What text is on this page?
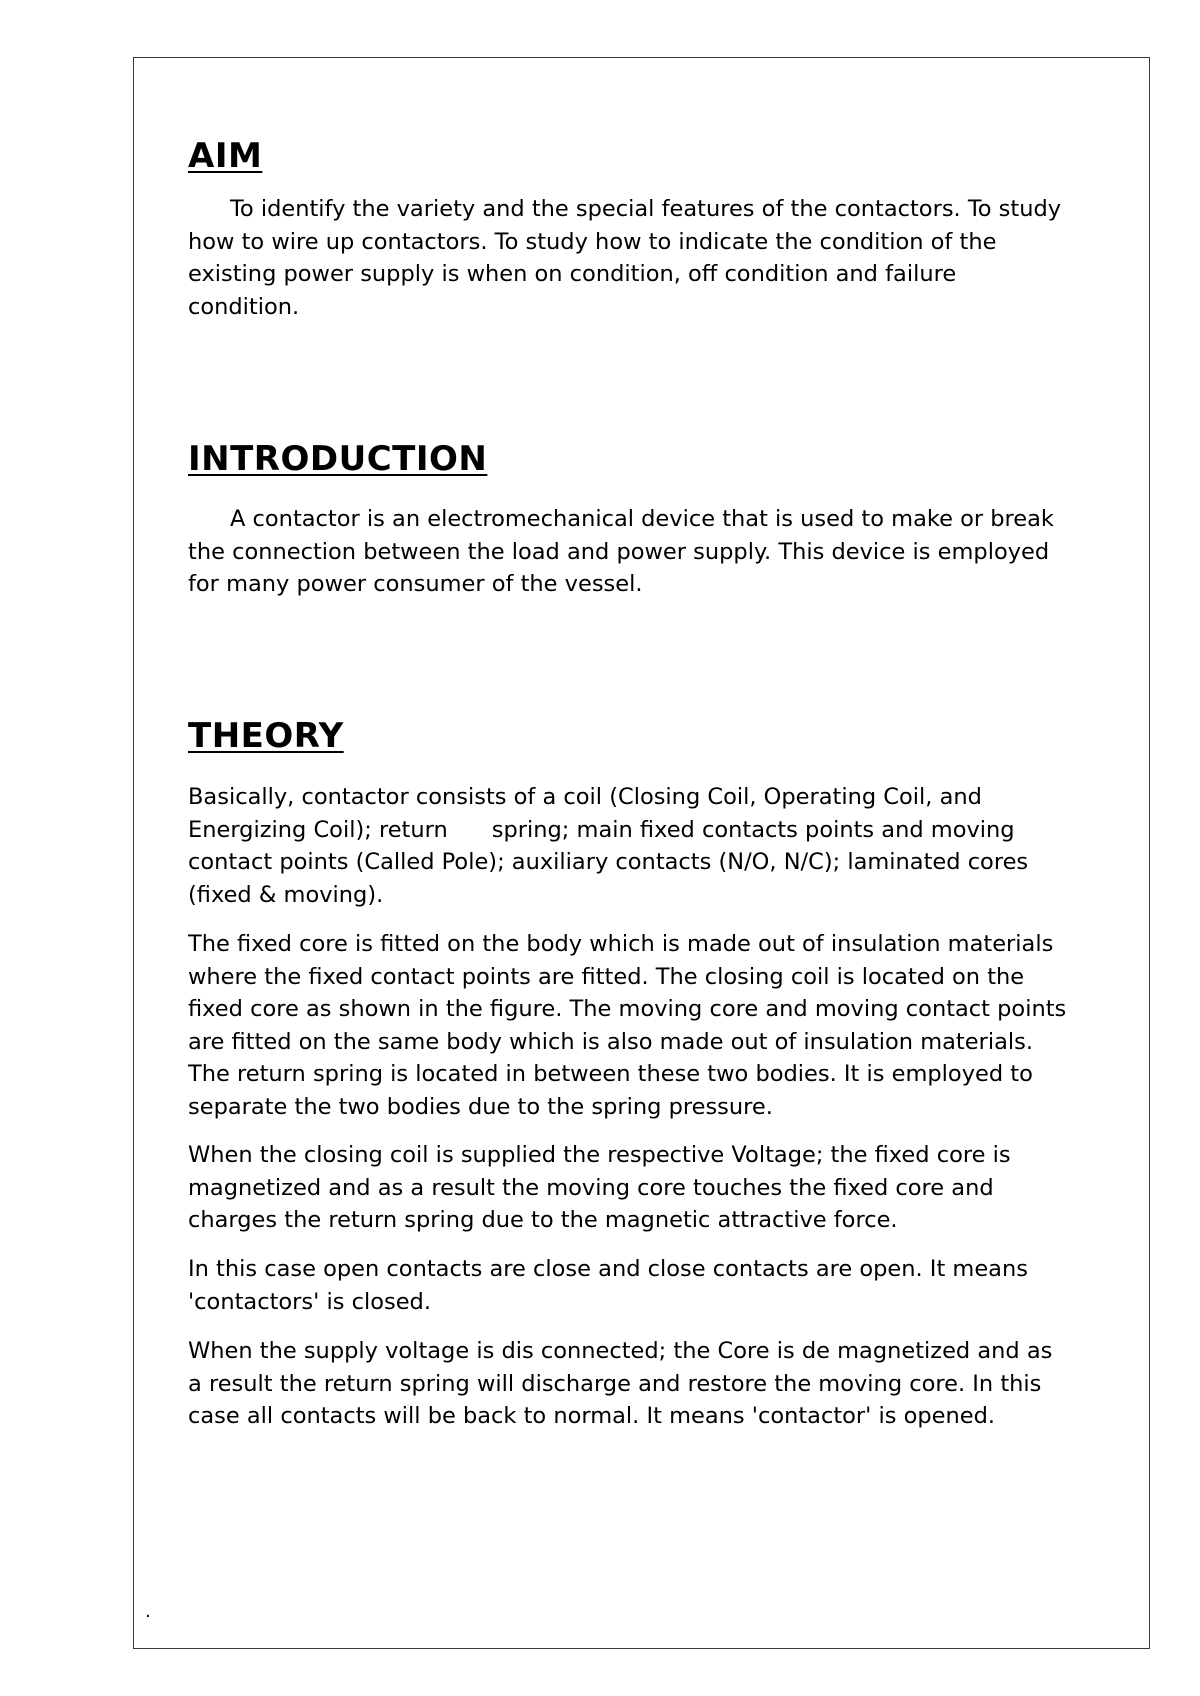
AIM

To identify the variety and the special features of the contactors. To study
how to wire up contactors. To study how to indicate the condition of the
existing power supply is when on condition, off condition and failure
condition.

INTRODUCTION

A contactor is an electromechanical device that is used to make or break
the connection between the load and power supply. This device is employed
for many power consumer of the vessel.

THEORY

Basically, contactor consists of a coil (Closing Coil, Operating Coil, and
Energizing Coil); return spring; main fixed contacts points and moving
contact points (Called Pole); auxiliary contacts (N/O, N/C); laminated cores
(fixed & moving).

The fixed core is fitted on the body which is made out of insulation materials
where the fixed contact points are fitted. The closing coil is located on the
fixed core as shown in the figure. The moving core and moving contact points
are fitted on the same body which is also made out of insulation materials.
The return spring is located in between these two bodies. It is employed to
separate the two bodies due to the spring pressure.

When the closing coil is supplied the respective Voltage; the fixed core is
magnetized and as a result the moving core touches the fixed core and
charges the return spring due to the magnetic attractive force.

In this case open contacts are close and close contacts are open. It means
'contactors' is closed.

When the supply voltage is dis connected; the Core is de magnetized and as
a result the return spring will discharge and restore the moving core. In this
case all contacts will be back to normal. It means 'contactor' is opened.

.
